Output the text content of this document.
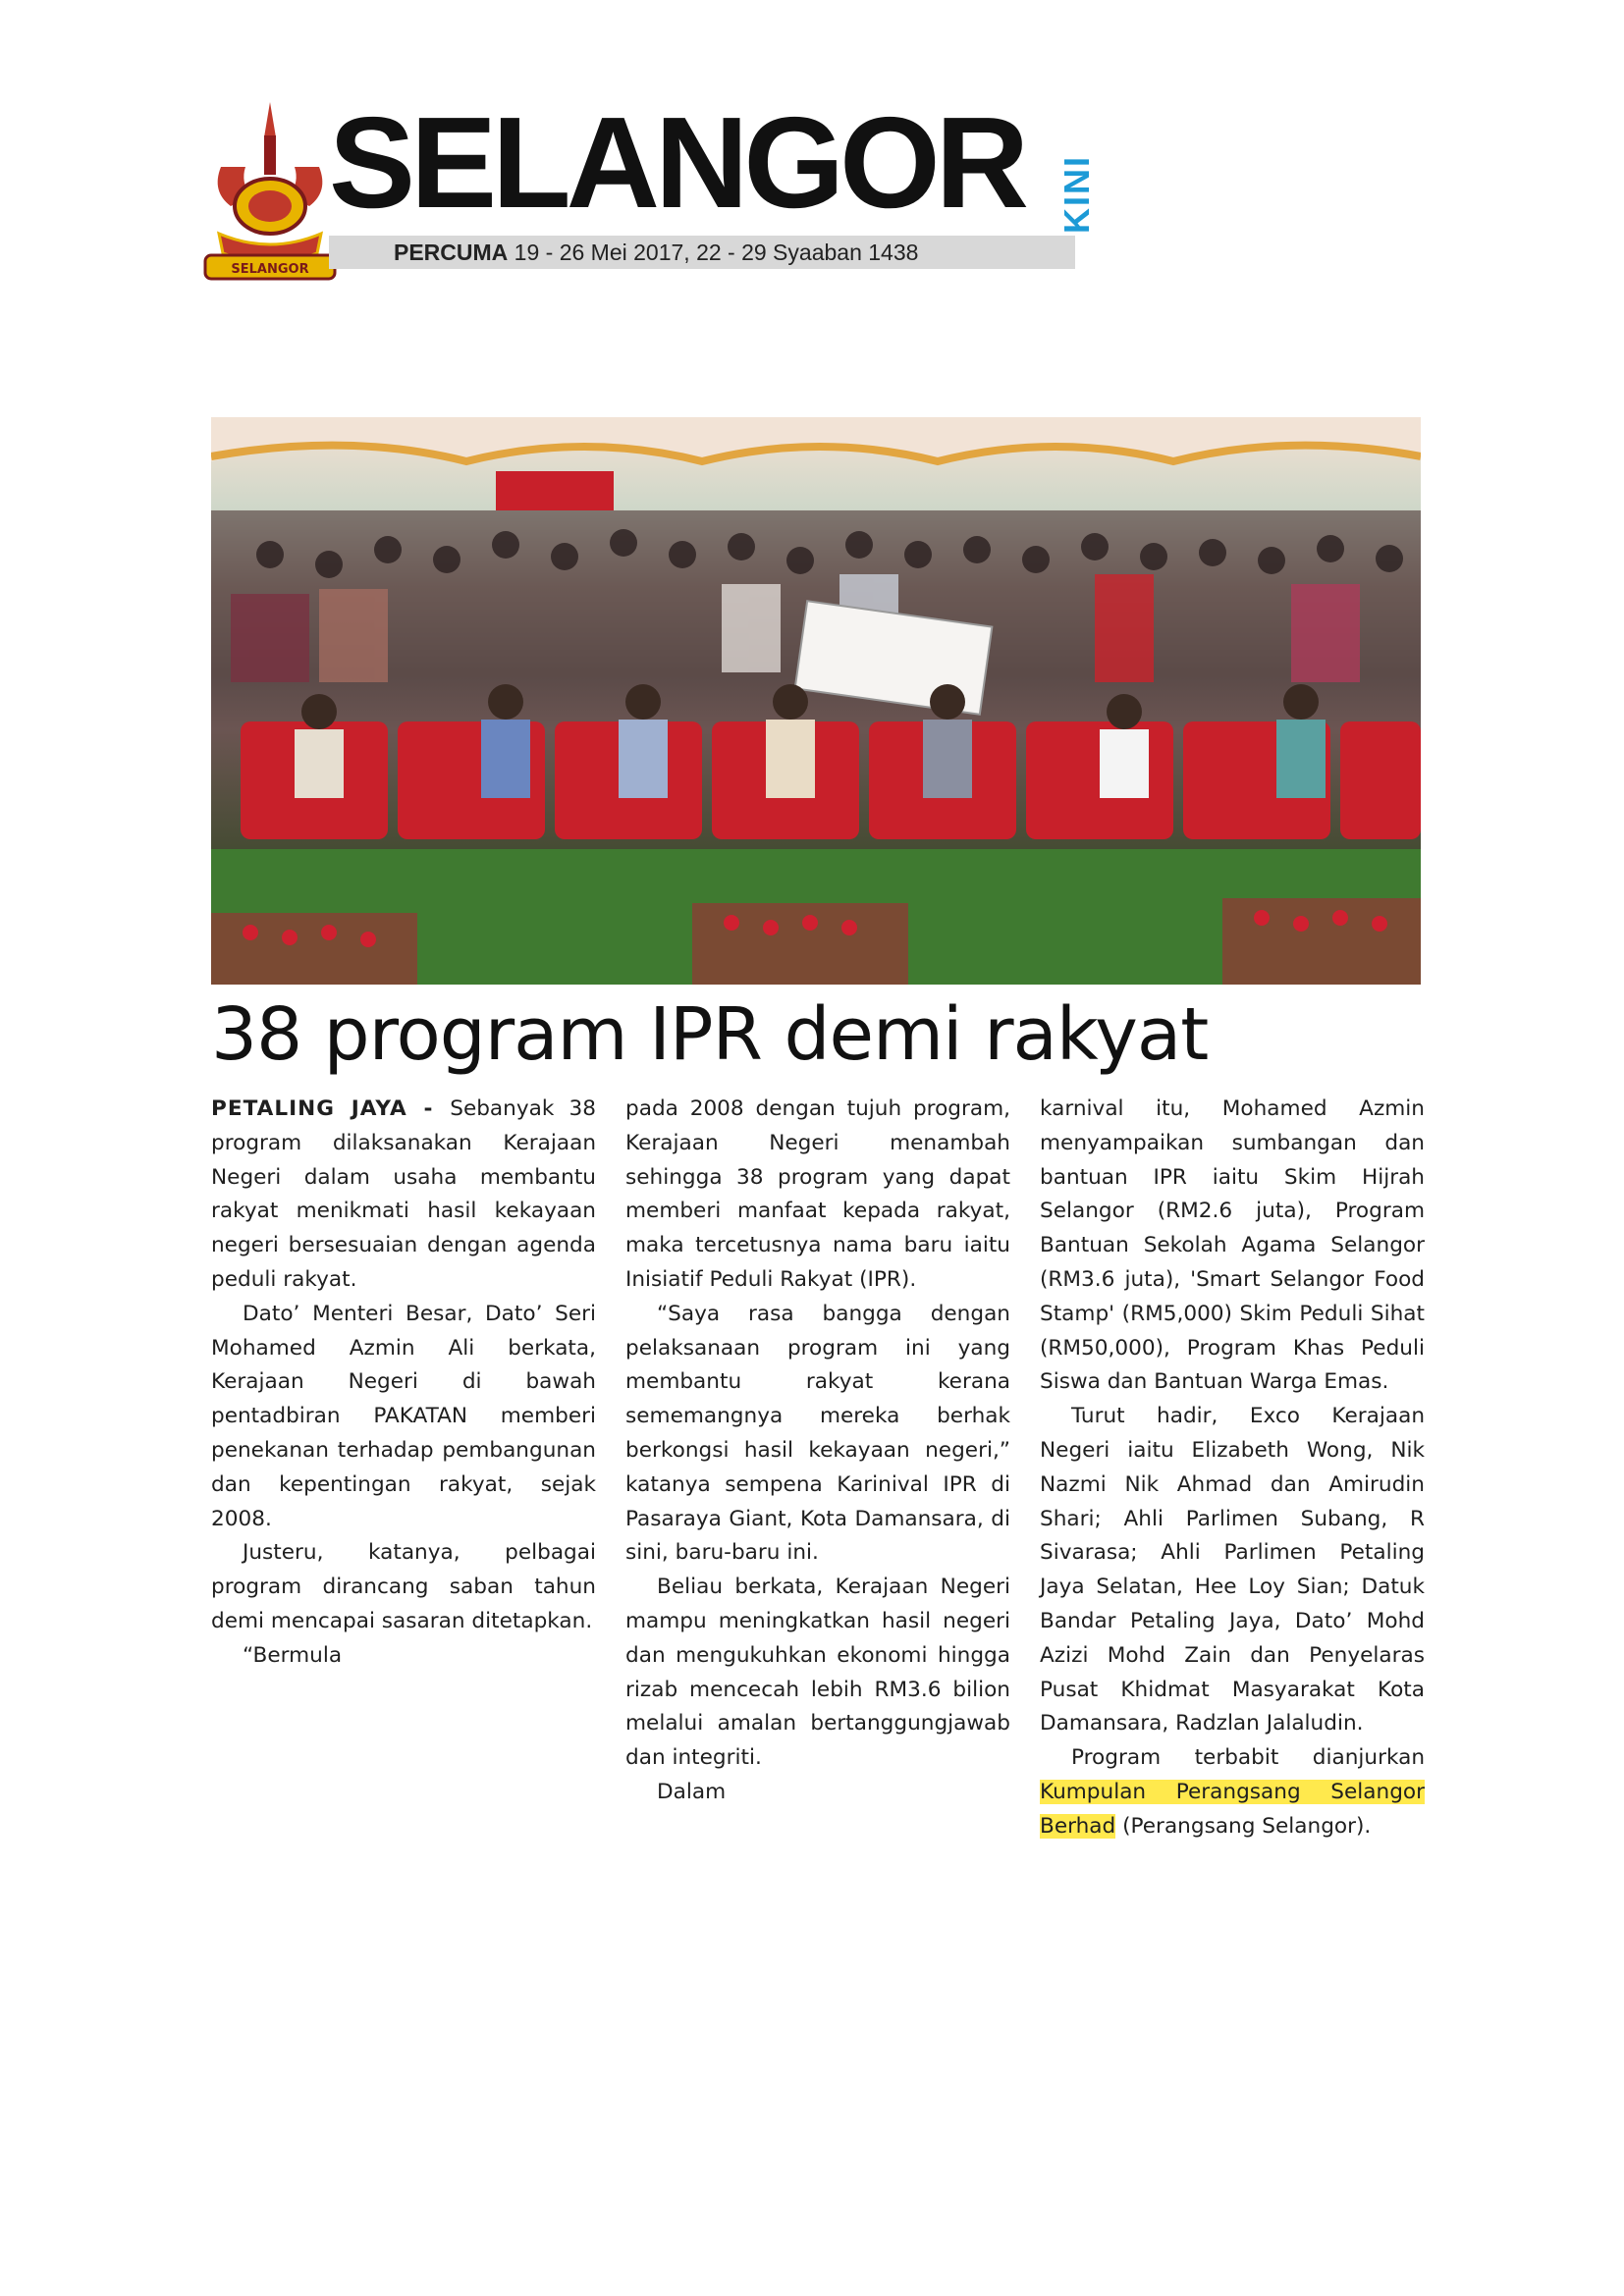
SELANGOR
SELANGOR KINI
PERCUMA 19 - 26 Mei 2017, 22 - 29 Syaaban 1438
38 program IPR demi rakyat

PETALING JAYA - Sebanyak 38 program dilaksanakan Kerajaan Negeri dalam usaha membantu rakyat menikmati hasil kekayaan negeri bersesuaian dengan agenda peduli rakyat.

Dato’ Menteri Besar, Dato’ Seri Mohamed Azmin Ali berkata, Kerajaan Negeri di bawah pentadbiran PAKATAN memberi penekanan terhadap pembangunan dan kepentingan rakyat, sejak 2008.

Justeru, katanya, pelbagai program dirancang saban tahun demi mencapai sasaran ditetapkan.

“Bermula

pada 2008 dengan tujuh program, Kerajaan Negeri menambah sehingga 38 program yang dapat memberi manfaat kepada rakyat, maka tercetusnya nama baru iaitu Inisiatif Peduli Rakyat (IPR).

“Saya rasa bangga dengan pelaksanaan program ini yang membantu rakyat kerana sememangnya mereka berhak berkongsi hasil kekayaan negeri,” katanya sempena Karinival IPR di Pasaraya Giant, Kota Damansara, di sini, baru-baru ini.

Beliau berkata, Kerajaan Negeri mampu meningkatkan hasil negeri dan mengukuhkan ekonomi hingga rizab mencecah lebih RM3.6 bilion melalui amalan bertanggungjawab dan integriti.

Dalam

karnival itu, Mohamed Azmin menyampaikan sumbangan dan bantuan IPR iaitu Skim Hijrah Selangor (RM2.6 juta), Program Bantuan Sekolah Agama Selangor (RM3.6 juta), 'Smart Selangor Food Stamp' (RM5,000) Skim Peduli Sihat (RM50,000), Program Khas Peduli Siswa dan Bantuan Warga Emas.

Turut hadir, Exco Kerajaan Negeri iaitu Elizabeth Wong, Nik Nazmi Nik Ahmad dan Amirudin Shari; Ahli Parlimen Subang, R Sivarasa; Ahli Parlimen Petaling Jaya Selatan, Hee Loy Sian; Datuk Bandar Petaling Jaya, Dato’ Mohd Azizi Mohd Zain dan Penyelaras Pusat Khidmat Masyarakat Kota Damansara, Radzlan Jalaludin.

Program terbabit dianjurkan Kumpulan Perangsang Selangor Berhad (Perangsang Selangor).
